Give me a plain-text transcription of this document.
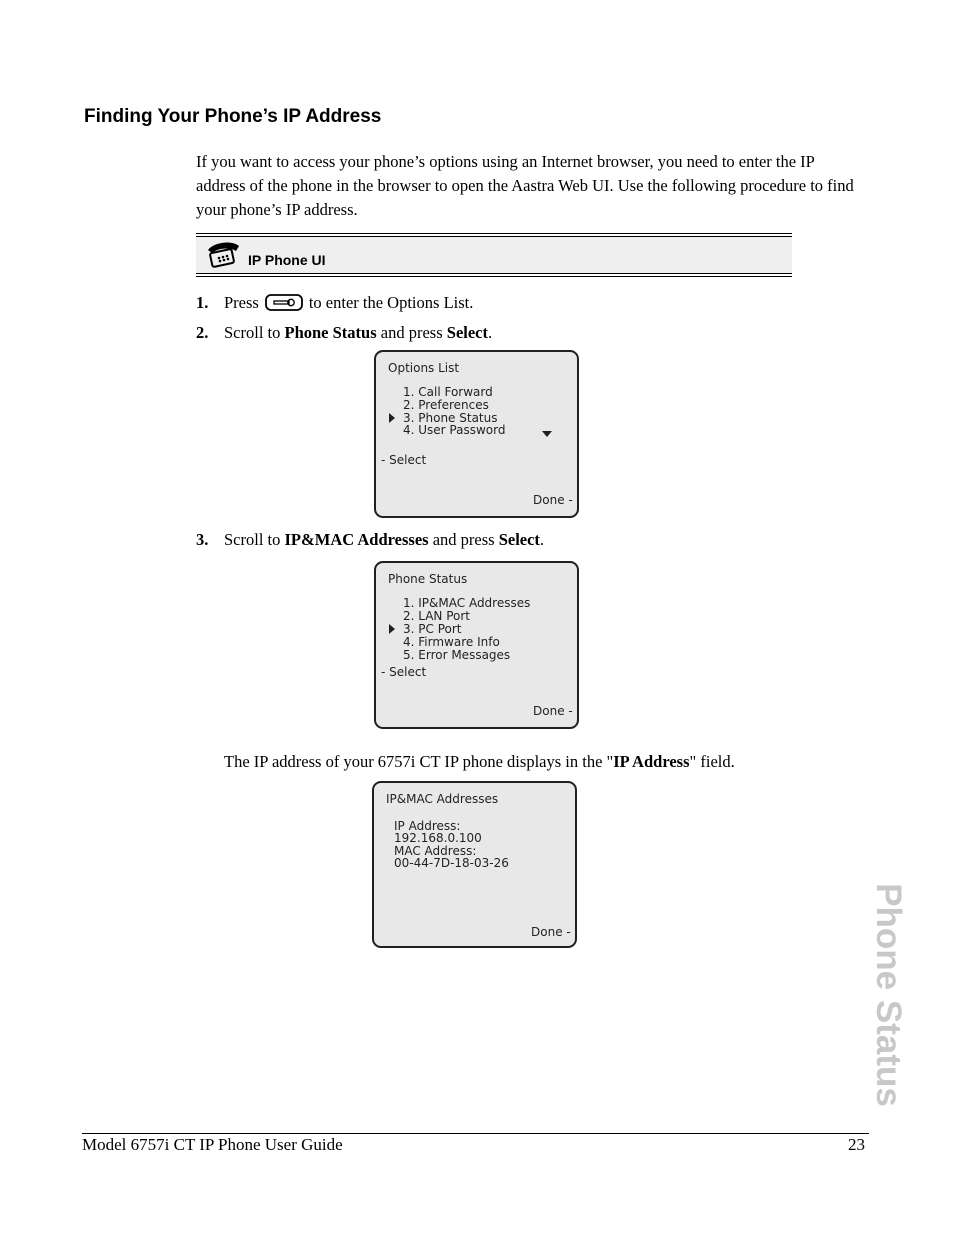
Finding Your Phone’s IP Address

If you want to access your phone’s options using an Internet browser, you need to enter the IP address of the phone in the browser to open the Aastra Web UI. Use the following procedure to find your phone’s IP address.

IP Phone UI
1. Press	to enter the Options List.
2. Scroll to Phone Status and press Select.
Options List
1. Call Forward
2. Preferences
3. Phone Status
4. User Password
- Select
Done -
3. Scroll to IP&MAC Addresses and press Select.
Phone Status
1. IP&MAC Addresses
2. LAN Port
3. PC Port
4. Firmware Info
5. Error Messages
- Select
Done -
The IP address of your 6757i CT IP phone displays in the "IP Address" field.
IP&MAC Addresses
IP Address:
192.168.0.100
MAC Address:
00-44-7D-18-03-26
Done -	Phone Status
Model 6757i CT IP Phone User Guide	23
